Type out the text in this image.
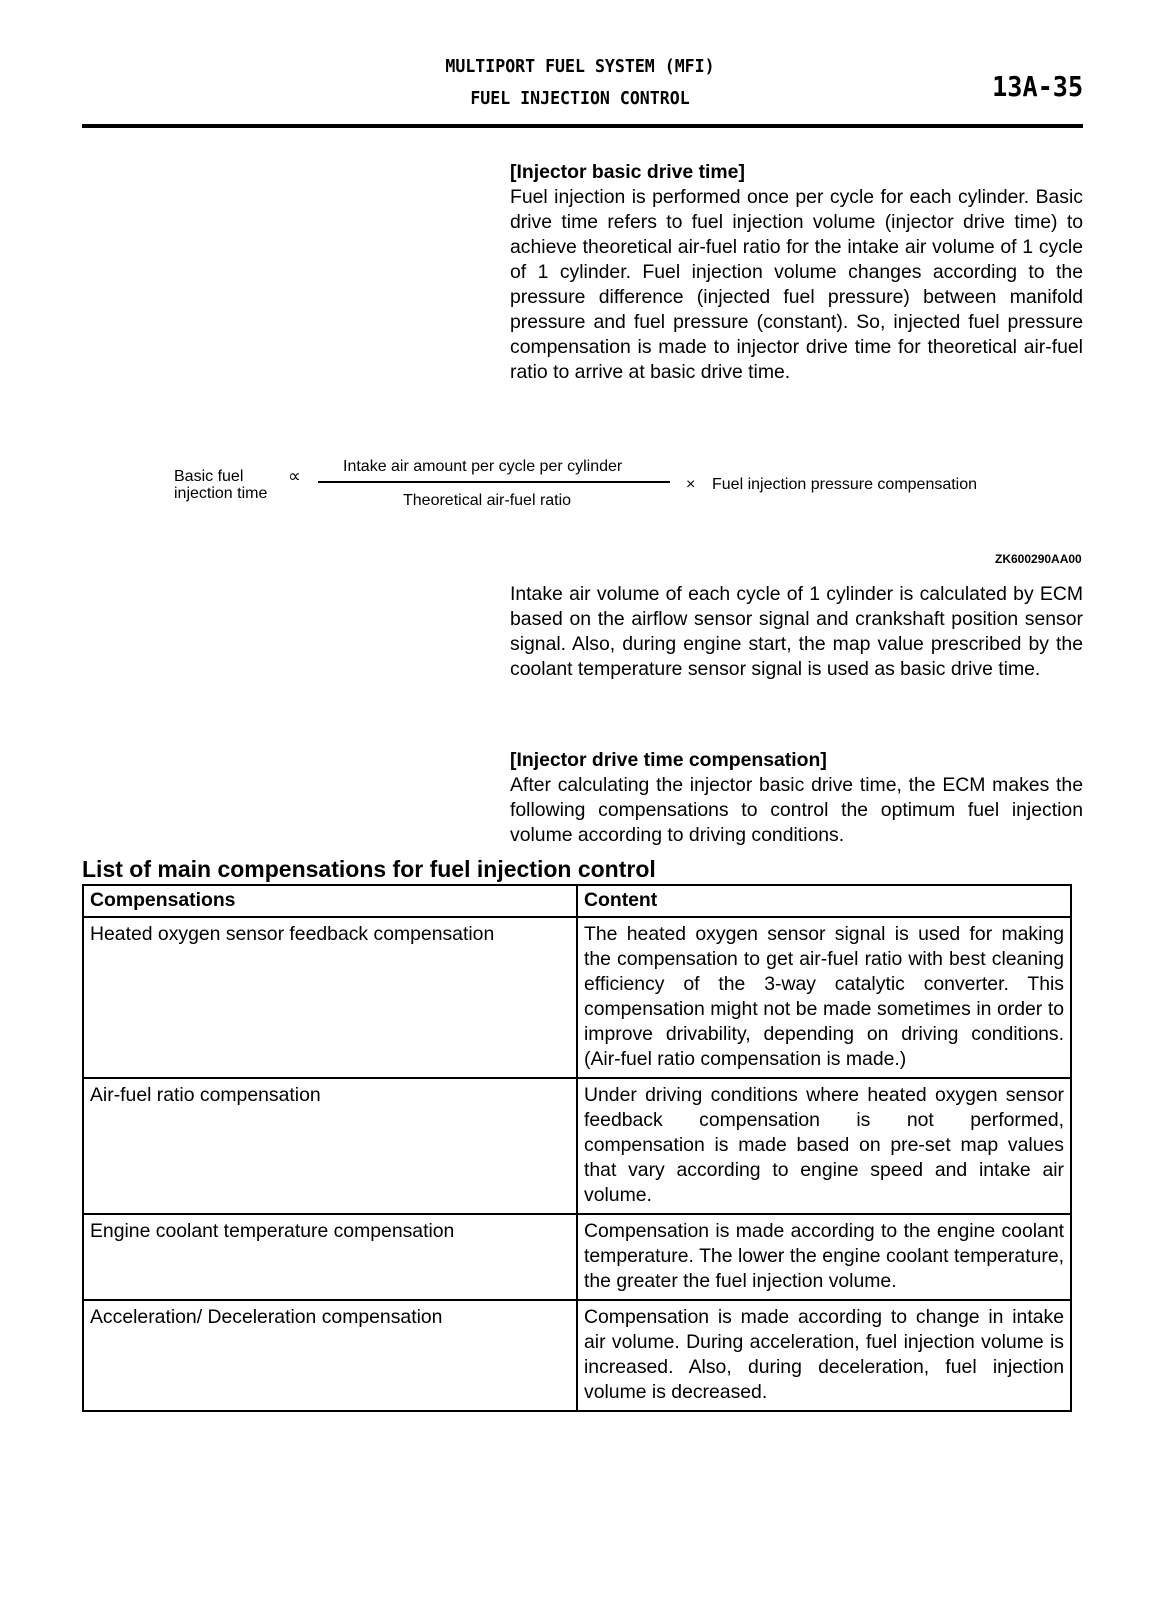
MULTIPORT FUEL SYSTEM (MFI)
FUEL INJECTION CONTROL	13A-35
[Injector basic drive time]

Fuel injection is performed once per cycle for each cylinder. Basic drive time refers to fuel injection volume (injector drive time) to achieve theoretical air-fuel ratio for the intake air volume of 1 cycle of 1 cylinder. Fuel injection volume changes according to the pressure difference (injected fuel pressure) between manifold pressure and fuel pressure (constant). So, injected fuel pressure compensation is made to injector drive time for theoretical air-fuel ratio to arrive at basic drive time.

Basic fuel
injection time
∝	Intake air amount per cycle per cylinder
Theoretical air-fuel ratio
× Fuel injection pressure compensation
ZK600290AA00

Intake air volume of each cycle of 1 cylinder is calculated by ECM based on the airflow sensor signal and crankshaft position sensor signal. Also, during engine start, the map value prescribed by the coolant temperature sensor signal is used as basic drive time.

[Injector drive time compensation]

After calculating the injector basic drive time, the ECM makes the following compensations to control the optimum fuel injection volume according to driving conditions.

List of main compensations for fuel injection control
Compensations	Content
Heated oxygen sensor feedback compensation	The heated oxygen sensor signal is used for making the compensation to get air-fuel ratio with best cleaning efficiency of the 3-way catalytic converter. This compensation might not be made sometimes in order to improve drivability, depending on driving conditions. (Air-fuel ratio compensation is made.)
Air-fuel ratio compensation	Under driving conditions where heated oxygen sensor feedback compensation is not performed, compensation is made based on pre-set map values that vary according to engine speed and intake air volume.
Engine coolant temperature compensation	Compensation is made according to the engine coolant temperature. The lower the engine coolant temperature, the greater the fuel injection volume.
Acceleration/ Deceleration compensation	Compensation is made according to change in intake air volume. During acceleration, fuel injection volume is increased. Also, during deceleration, fuel injection volume is decreased.
